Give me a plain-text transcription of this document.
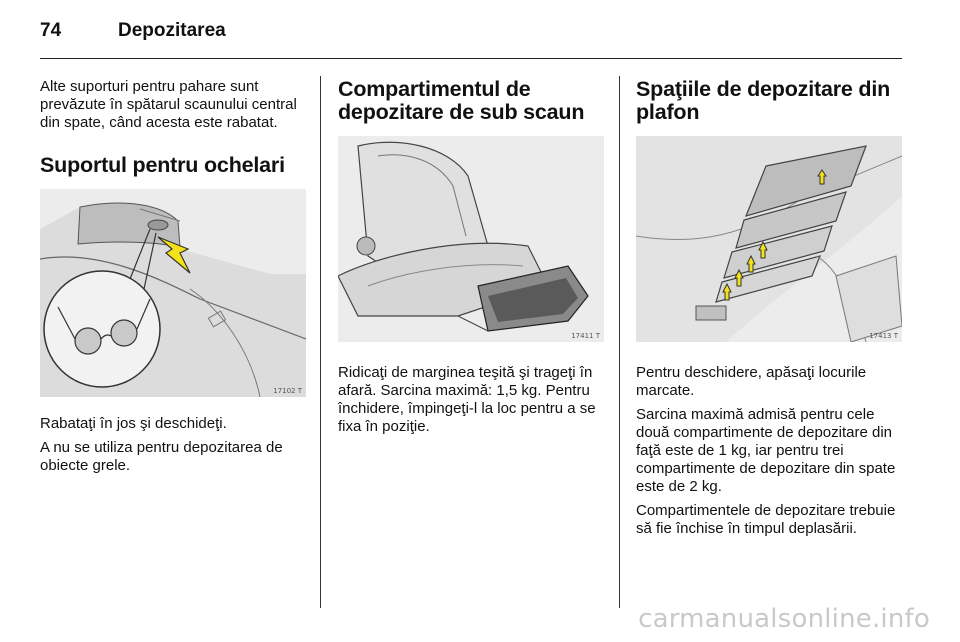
74	Depozitarea

Alte suporturi pentru pahare sunt prevăzute în spătarul scaunului central din spate, când acesta este rabatat.

Suportul pentru ochelari
17102 T

Rabataţi în jos şi deschideţi.

A nu se utiliza pentru depozitarea de obiecte grele.

Compartimentul de depozitare de sub scaun
17411 T

Ridicaţi de marginea teşită şi trageţi în afară. Sarcina maximă: 1,5 kg. Pentru închidere, împingeţi-l la loc pentru a se fixa în poziţie.

Spaţiile de depozitare din plafon
17413 T

Pentru deschidere, apăsaţi locurile marcate.

Sarcina maximă admisă pentru cele două compartimente de depozitare din faţă este de 1 kg, iar pentru trei compartimente de depozitare din spate este de 2 kg.

Compartimentele de depozitare trebuie să fie închise în timpul deplasării.

carmanualsonline.info
